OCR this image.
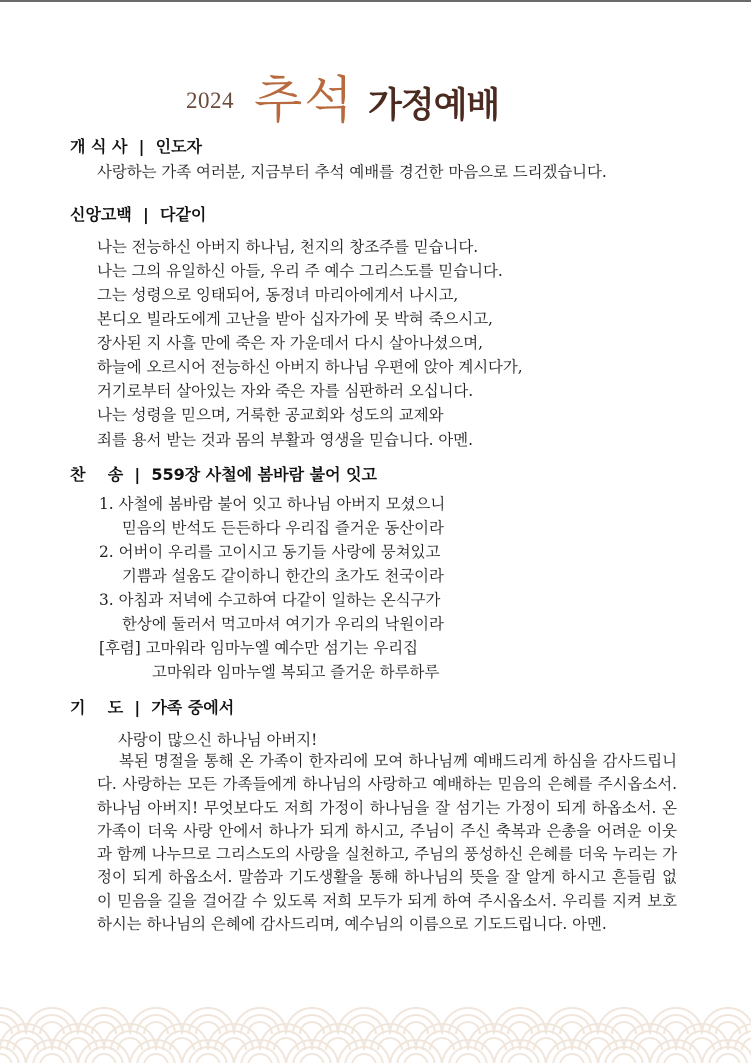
2024 추석 가정예배
개 식 사  |  인도자
사랑하는 가족 여러분, 지금부터 추석 예배를 경건한 마음으로 드리겠습니다.
신앙고백  |  다같이
나는 전능하신 아버지 하나님, 천지의 창조주를 믿습니다.
나는 그의 유일하신 아들, 우리 주 예수 그리스도를 믿습니다.
그는 성령으로 잉태되어, 동정녀 마리아에게서 나시고,
본디오 빌라도에게 고난을 받아 십자가에 못 박혀 죽으시고,
장사된 지 사흘 만에 죽은 자 가운데서 다시 살아나셨으며,
하늘에 오르시어 전능하신 아버지 하나님 우편에 앉아 계시다가,
거기로부터 살아있는 자와 죽은 자를 심판하러 오십니다.
나는 성령을 믿으며, 거룩한 공교회와 성도의 교제와
죄를 용서 받는 것과 몸의 부활과 영생을 믿습니다. 아멘.
찬    송  |  559장 사철에 봄바람 불어 잇고
1. 사철에 봄바람 불어 잇고 하나님 아버지 모셨으니
믿음의 반석도 든든하다 우리집 즐거운 동산이라
2. 어버이 우리를 고이시고 동기들 사랑에 뭉쳐있고
기쁨과 설움도 같이하니 한간의 초가도 천국이라
3. 아침과 저녁에 수고하여 다같이 일하는 온식구가
한상에 둘러서 먹고마셔 여기가 우리의 낙원이라
[후렴] 고마워라 임마누엘 예수만 섬기는 우리집
고마워라 임마누엘 복되고 즐거운 하루하루
기    도  |  가족 중에서
사랑이 많으신 하나님 아버지!
복된 명절을 통해 온 가족이 한자리에 모여 하나님께 예배드리게 하심을 감사드립니다. 사랑하는 모든 가족들에게 하나님의 사랑하고 예배하는 믿음의 은혜를 주시옵소서. 하나님 아버지! 무엇보다도 저희 가정이 하나님을 잘 섬기는 가정이 되게 하옵소서. 온 가족이 더욱 사랑 안에서 하나가 되게 하시고, 주님이 주신 축복과 은총을 어려운 이웃과 함께 나누므로 그리스도의 사랑을 실천하고, 주님의 풍성하신 은혜를 더욱 누리는 가정이 되게 하옵소서. 말씀과 기도생활을 통해 하나님의 뜻을 잘 알게 하시고 흔들림 없이 믿음을 길을 걸어갈 수 있도록 저희 모두가 되게 하여 주시옵소서. 우리를 지켜 보호하시는 하나님의 은혜에 감사드리며, 예수님의 이름으로 기도드립니다. 아멘.
